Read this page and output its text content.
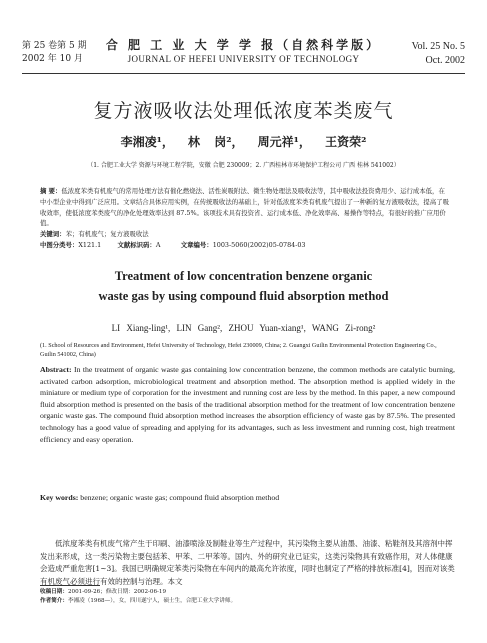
第 25 卷第 5 期
2002 年 10 月
合 肥 工 业 大 学 学 报（自然科学版）
JOURNAL OF HEFEI UNIVERSITY OF TECHNOLOGY
Vol. 25 No. 5
Oct. 2002
复方液吸收法处理低浓度苯类废气
李湘凌¹， 林 岗²， 周元祥¹， 王资荣²
（1. 合肥工业大学 资源与环境工程学院，安徽 合肥 230009；2. 广西桂林市环境保护工程公司 广西 桂林 541002）
摘 要：低浓度苯类有机废气的常用处理方法有催化燃烧法、活性炭吸附法、微生物处理法及吸收法等，其中吸收法投资费用少、运行成本低，在中小型企业中得到广泛应用。文章结合具体应用实例，在传统吸收法的基础上，针对低浓度苯类有机废气提出了一种新的复方液吸收法，提高了吸收效率，使低浓度苯类废气的净化处理效率达到 87.5%。该项技术具有投资省、运行成本低、净化效率高、易操作等特点，有很好的推广应用价值。
关键词：苯；有机废气；复方液吸收法
中图分类号：X121.1	文献标识码：A	文章编号：1003-5060(2002)05-0784-03
Treatment of low concentration benzene organic
waste gas by using compound fluid absorption method
LI Xiang-ling¹, LIN Gang², ZHOU Yuan-xiang¹, WANG Zi-rong²
(1. School of Resources and Environment, Hefei University of Technology, Hefei 230009, China; 2. Guangxi Guilin Environmental Protection Engineering Co., Guilin 541002, China)
Abstract: In the treatment of organic waste gas containing low concentration benzene, the common methods are catalytic burning, activated carbon adsorption, microbiological treatment and absorption method. The absorption method is applied widely in the miniature or medium type of corporation for the investment and running cost are less by the method. In this paper, a new compound fluid absorption method is presented on the basis of the traditional absorption method for the treatment of low concentration benzene organic waste gas. The compound fluid absorption method increases the absorption efficiency of waste gas by 87.5%. The presented technology has a good value of spreading and applying for its advantages, such as less investment and running cost, high treatment efficiency and easy operation.
Key words: benzene; organic waste gas; compound fluid absorption method
低浓度苯类有机废气常产生于印刷、油漆喷涂及制鞋业等生产过程中，其污染物主要从油墨、油漆、粘鞋剂及其溶剂中挥发出来形成，这一类污染物主要包括苯、甲苯、二甲苯等。国内、外的研究业已证实，这类污染物具有致癌作用，对人体健康会造成严重危害[1~3]。我国已明确规定苯类污染物在车间内的最高允许浓度，同时也制定了严格的排放标准[4]，因而对该类有机废气必须进行有效的控制与治理。本文
收稿日期：2001-09-26；修改日期：2002-06-19
作者简介：李湘凌（1968—），女，四川遂宁人，硕士生，合肥工业大学讲师。
